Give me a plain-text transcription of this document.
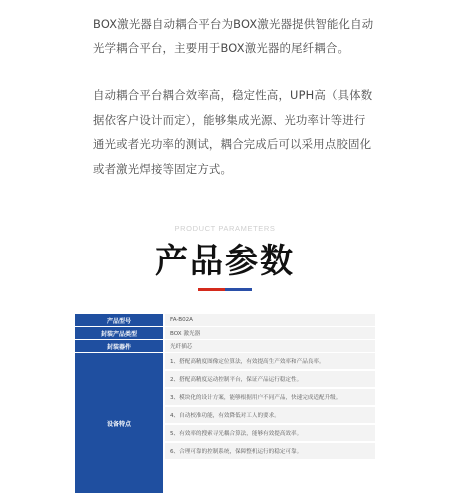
BOX激光器自动耦合平台为BOX激光器提供智能化自动光学耦合平台，主要用于BOX激光器的尾纤耦合。

自动耦合平台耦合效率高，稳定性高，UPH高（具体数据依客户设计而定），能够集成光源、光功率计等进行通光或者光功率的测试，耦合完成后可以采用点胶固化或者激光焊接等固定方式。

PRODUCT PARAMETERS
产品参数
产品型号	FA-B02A
封装产品类型	BOX 激光器
封装器件	光纤插芯
设备特点
1、搭配高精度图像定位算法，有效提高生产效率和产品良率。
2、搭配高精度运动控制平台，保证产品运行稳定性。
3、模块化的设计方案，能够根据用户不同产品，快速完成适配升级。
4、自动校准功能，有效降低对工人的要求。
5、有效率的搜索寻光耦合算法，能够有效提高效率。
6、合理可靠的控制系统，保障整机运行的稳定可靠。
